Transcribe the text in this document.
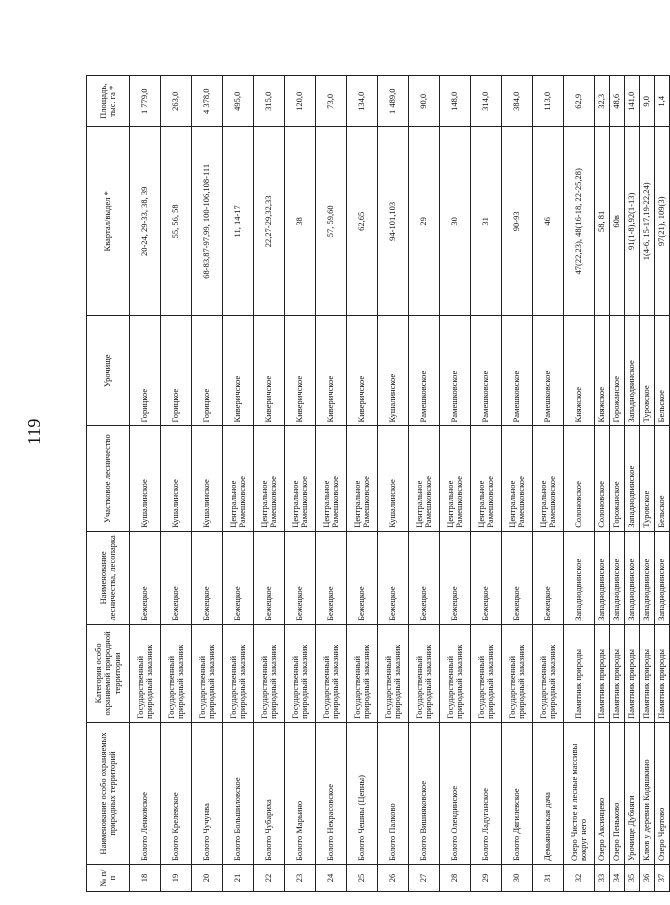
119
№ п/п	Наименование особо охраняемых природных территорий	Категория особо охраняемой природной территории	Наименование лесничества, лесопарка	Участковое лесничество	Урочище	Квартал/выдел *	Площадь, тыс. га *
18	Болото Ленковское	Государственный природный заказник	Бежецкое	Кушалинское	Горицкое	20-24, 29-33, 38, 39	1 779,0
19	Болото Крелевское	Государственный природный заказник	Бежецкое	Кушалинское	Горицкое	55, 56, 58	263,0
20	Болото Чучунва	Государственный природный заказник	Бежецкое	Кушалинское	Горицкое	68-83,87-97,99, 100-106,108-111	4 378,0
21	Болото Большиловское	Государственный природный заказник	Бежецкое	Центральное Рамешковское	Киверичское	11, 14-17	495,0
22	Болото Чубариха	Государственный природный заказник	Бежецкое	Центральное Рамешковское	Киверичское	22,27-29,32,33	315,0
23	Болото Марьино	Государственный природный заказник	Бежецкое	Центральное Рамешковское	Киверичское	38	120,0
24	Болото Некрасовское	Государственный природный заказник	Бежецкое	Центральное Рамешковское	Киверичское	57, 59,60	73,0
25	Болото Чешны (Цепны)	Государственный природный заказник	Бежецкое	Центральное Рамешковское	Киверичское	62,65	134,0
26	Болото Палково	Государственный природный заказник	Бежецкое	Кушалинское	Кушалинское	94-101,103	1 489,0
27	Болото Вишняковское	Государственный природный заказник	Бежецкое	Центральное Рамешковское	Рамешковское	29	90,0
28	Болото Олендинское	Государственный природный заказник	Бежецкое	Центральное Рамешковское	Рамешковское	30	148,0
29	Болото Ладуганское	Государственный природный заказник	Бежецкое	Центральное Рамешковское	Рамешковское	31	314,0
30	Болото Дягилевское	Государственный природный заказник	Бежецкое	Центральное Рамешковское	Рамешковское	90-93	384,0
31	Демьяновская дача	Государственный природный заказник	Бежецкое	Центральное Рамешковское	Рамешковское	46	113,0
32	Озеро Чистое и лесные массивы вокруг него	Памятник природы	Западнодвинское	Солоновское	Княжское	47(22,23), 48(16-18, 22-25,28)	62,9
33	Озеро Аксинцево	Памятник природы	Западнодвинское	Солоновское	Княжское	58, 81	32,3
34	Озеро Пеньково	Памятник природы	Западнодвинское	Горожанское	Горожанское	60в	48,6
35	Урочище Дубняги	Памятник природы	Западнодвинское	Западнодвинское	Западнодвинское	91(1-8),92(1-13)	141,0
36	Клюв у деревни Кодяшкино	Памятник природы	Западнодвинское	Туровское	Туровское	1(4-6, 15-17,19-22,24)	9,0
37	Озеро Чертово	Памятник природы	Западнодвинское	Бельское	Бельское	97(21), 109(3)	1,4
